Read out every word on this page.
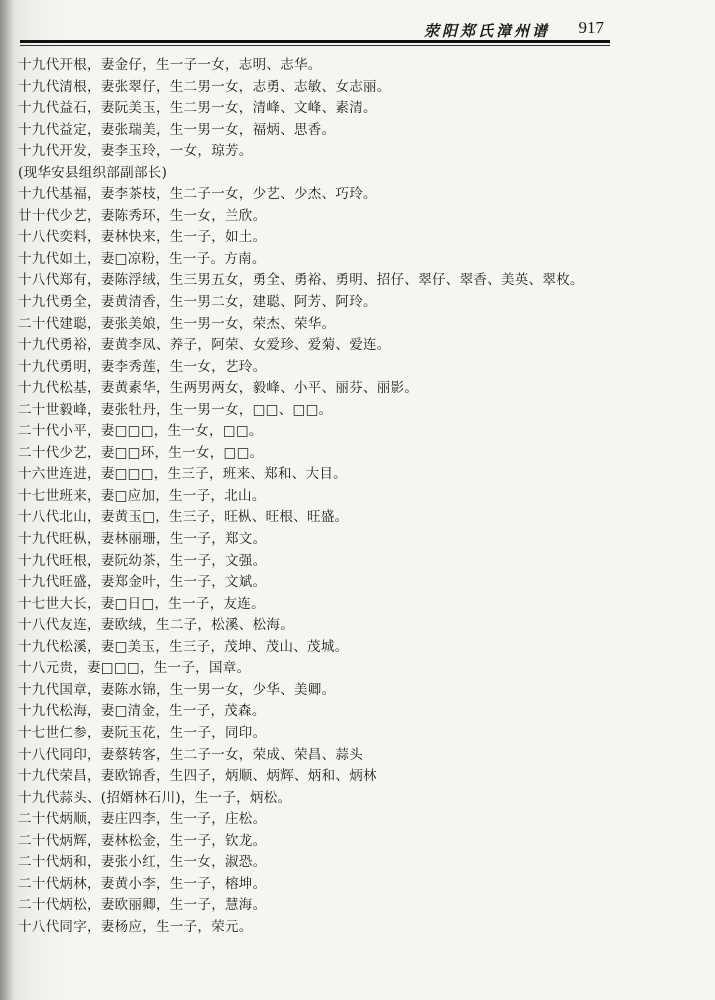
荥阳郑氏漳州谱 917
十九代开根，妻金仔，生一子一女，志明、志华。
十九代清根，妻张翠仔，生二男一女，志勇、志敏、女志丽。
十九代益石，妻阮美玉，生二男一女，清峰、文峰、素清。
十九代益定，妻张瑞美，生一男一女，福炳、思香。
十九代开发，妻李玉玲，一女，琼芳。
(现华安县组织部副部长)
十九代基福，妻李茶枝，生二子一女，少艺、少杰、巧玲。
廿十代少艺，妻陈秀环，生一女，兰欣。
十八代奕料，妻林快来，生一子，如土。
十九代如土，妻□凉粉，生一子。方南。
十八代郑有，妻陈浮绒，生三男五女，勇全、勇裕、勇明、招仔、翠仔、翠香、美英、翠枚。
十九代勇全，妻黄清香，生一男二女，建聪、阿芳、阿玲。
二十代建聪，妻张美娘，生一男一女，荣杰、荣华。
十九代勇裕，妻黄李凤、养子，阿荣、女爱珍、爱菊、爱连。
十九代勇明，妻李秀莲，生一女，艺玲。
十九代松基，妻黄素华，生两男两女，毅峰、小平、丽芬、丽影。
二十世毅峰，妻张牡丹，生一男一女，□□、□□。
二十代小平，妻□□□，生一女，□□。
二十代少艺，妻□□环，生一女，□□。
十六世连进，妻□□□，生三子，班来、郑和、大目。
十七世班来，妻□应加，生一子，北山。
十八代北山，妻黄玉□，生三子，旺枞、旺根、旺盛。
十九代旺枞，妻林丽珊，生一子，郑文。
十九代旺根，妻阮幼茶，生一子，文强。
十九代旺盛，妻郑金叶，生一子，文斌。
十七世大长，妻□日□，生一子，友连。
十八代友连，妻欧绒，生二子，松溪、松海。
十九代松溪，妻□美玉，生三子，茂坤、茂山、茂城。
十八元贵，妻□□□，生一子，国章。
十九代国章，妻陈水锦，生一男一女，少华、美卿。
十九代松海，妻□清金，生一子，茂森。
十七世仁参，妻阮玉花，生一子，同印。
十八代同印，妻蔡转客，生二子一女，荣成、荣昌、蒜头
十九代荣昌，妻欧锦香，生四子，炳顺、炳辉、炳和、炳林
十九代蒜头、(招婿林石川)，生一子，炳松。
二十代炳顺，妻庄四李，生一子，庄松。
二十代炳辉，妻林松金，生一子，钦龙。
二十代炳和，妻张小红，生一女，淑恐。
二十代炳林，妻黄小李，生一子，榕坤。
二十代炳松，妻欧丽卿，生一子，慧海。
十八代同字，妻杨应，生一子，荣元。
